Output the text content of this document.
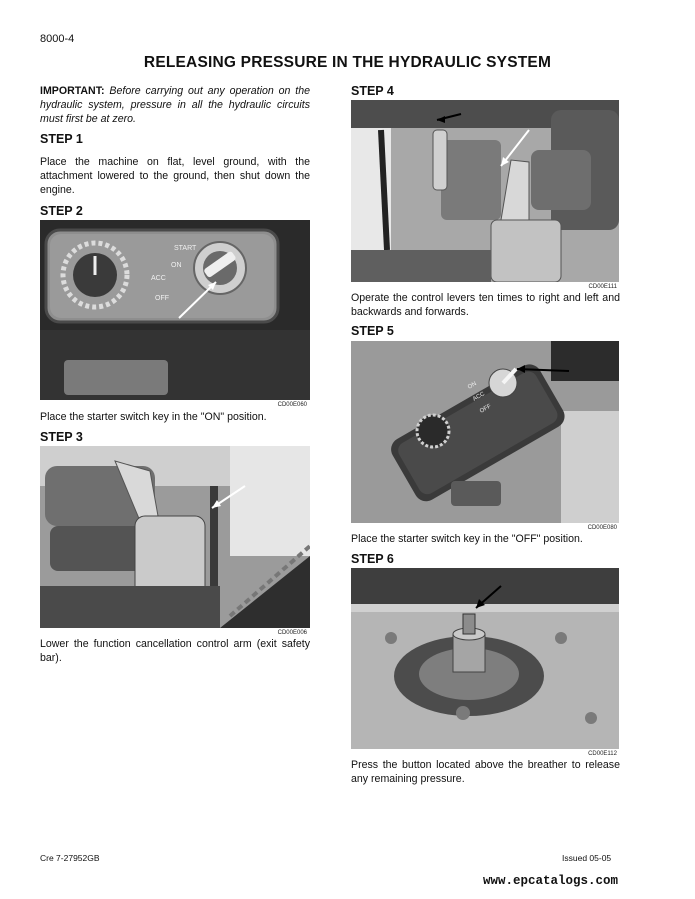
8000-4
RELEASING PRESSURE IN THE HYDRAULIC SYSTEM
IMPORTANT: Before carrying out any operation on the hydraulic system, pressure in all the hydraulic circuits must first be at zero.
STEP 1
Place the machine on flat, level ground, with the attachment lowered to the ground, then shut down the engine.
STEP 2
START
ON
ACC
OFF
CD00E060
Place the starter switch key in the "ON" position.
STEP 3
CD00E006
Lower the function cancellation control arm (exit safety bar).
STEP 4
CD00E111
Operate the control levers ten times to right and left and backwards and forwards.
STEP 5
ON
ACC
OFF
CD00E080
Place the starter switch key in the "OFF" position.
STEP 6
CD00E112
Press the button located above the breather to release any remaining pressure.
Cre 7-27952GB	Issued 05-05
www.epcatalogs.com
